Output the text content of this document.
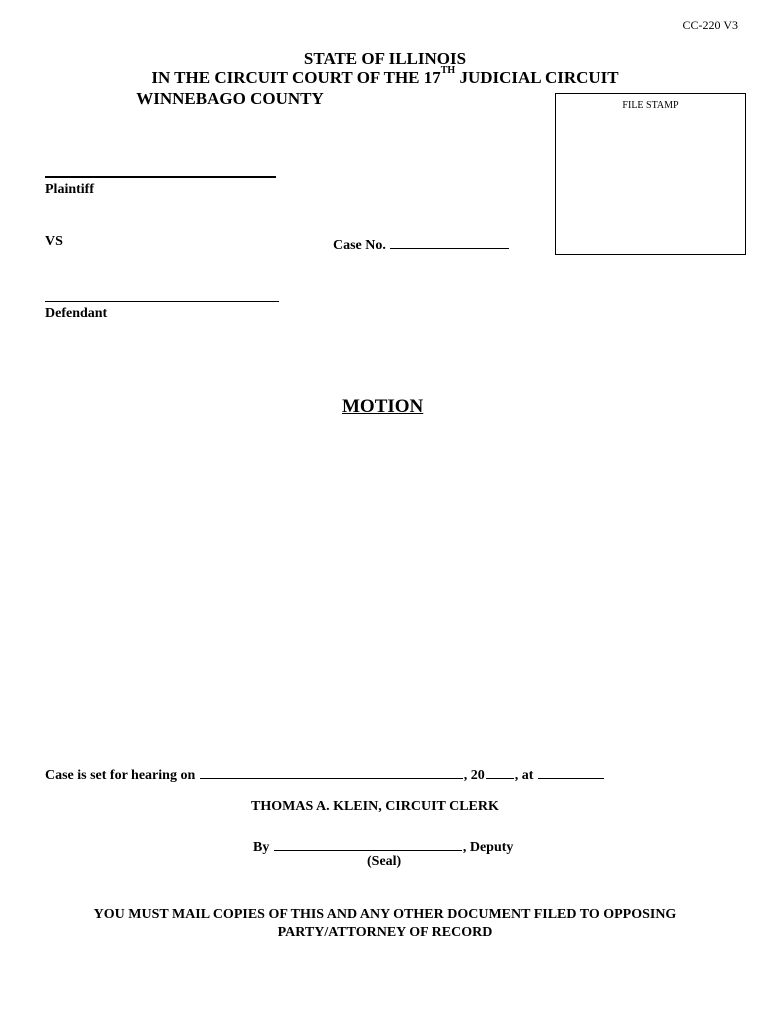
CC-220 V3
STATE OF ILLINOIS
IN THE CIRCUIT COURT OF THE 17TH JUDICIAL CIRCUIT
WINNEBAGO COUNTY	FILE STAMP
Plaintiff
VS	Case No.
Defendant
MOTION
Case is set for hearing on	, 20 , at
THOMAS A. KLEIN, CIRCUIT CLERK
By	, Deputy
(Seal)
YOU MUST MAIL COPIES OF THIS AND ANY OTHER DOCUMENT FILED TO OPPOSING
PARTY/ATTORNEY OF RECORD
